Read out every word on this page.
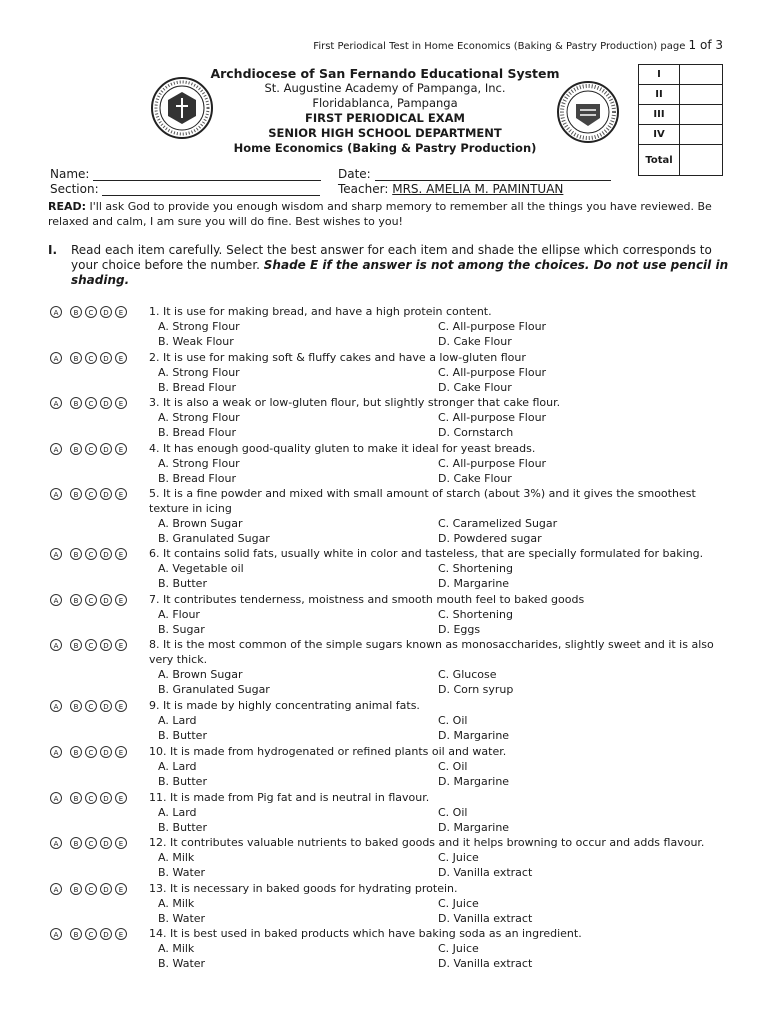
First Periodical Test in Home Economics (Baking & Pastry Production) page 1 of 3
Archdiocese of San Fernando Educational System
St. Augustine Academy of Pampanga, Inc.
Floridablanca, Pampanga
FIRST PERIODICAL EXAM
SENIOR HIGH SCHOOL DEPARTMENT
Home Economics (Baking & Pastry Production)
I	
II	
III	
IV	
Total	
Name:	Date:
Section:	Teacher: MRS. AMELIA M. PAMINTUAN
READ: I'll ask God to provide you enough wisdom and sharp memory to remember all the things you have reviewed. Be relaxed and calm, I am sure you will do fine. Best wishes to you!
I. Read each item carefully. Select the best answer for each item and shade the ellipse which corresponds to your choice before the number. Shade E if the answer is not among the choices. Do not use pencil in shading.
A	B	C	D	E	1. It is use for making bread, and have a high protein content.
A. Strong Flour	C. All-purpose Flour
B. Weak Flour	D. Cake Flour
A	B	C	D	E	2. It is use for making soft & fluffy cakes and have a low-gluten flour
A. Strong Flour	C. All-purpose Flour
B. Bread Flour	D. Cake Flour
A	B	C	D	E	3. It is also a weak or low-gluten flour, but slightly stronger that cake flour.
A. Strong Flour	C. All-purpose Flour
B. Bread Flour	D. Cornstarch
A	B	C	D	E	4. It has enough good-quality gluten to make it ideal for yeast breads.
A. Strong Flour	C. All-purpose Flour
B. Bread Flour	D. Cake Flour
A	B	C	D	E	5. It is a fine powder and mixed with small amount of starch (about 3%) and it gives the smoothest texture in icing
A. Brown Sugar	C. Caramelized Sugar
B. Granulated Sugar	D. Powdered sugar
A	B	C	D	E	6. It contains solid fats, usually white in color and tasteless, that are specially formulated for baking.
A. Vegetable oil	C. Shortening
B. Butter	D. Margarine
A	B	C	D	E	7. It contributes tenderness, moistness and smooth mouth feel to baked goods
A. Flour	C. Shortening
B. Sugar	D. Eggs
A	B	C	D	E	8. It is the most common of the simple sugars known as monosaccharides, slightly sweet and it is also very thick.
A. Brown Sugar	C. Glucose
B. Granulated Sugar	D. Corn syrup
A	B	C	D	E	9. It is made by highly concentrating animal fats.
A. Lard	C. Oil
B. Butter	D. Margarine
A	B	C	D	E	10. It is made from hydrogenated or refined plants oil and water.
A. Lard	C. Oil
B. Butter	D. Margarine
A	B	C	D	E	11. It is made from Pig fat and is neutral in flavour.
A. Lard	C. Oil
B. Butter	D. Margarine
A	B	C	D	E	12. It contributes valuable nutrients to baked goods and it helps browning to occur and adds flavour.
A. Milk	C. Juice
B. Water	D. Vanilla extract
A	B	C	D	E	13. It is necessary in baked goods for hydrating protein.
A. Milk	C. Juice
B. Water	D. Vanilla extract
A	B	C	D	E	14. It is best used in baked products which have baking soda as an ingredient.
A. Milk	C. Juice
B. Water	D. Vanilla extract
